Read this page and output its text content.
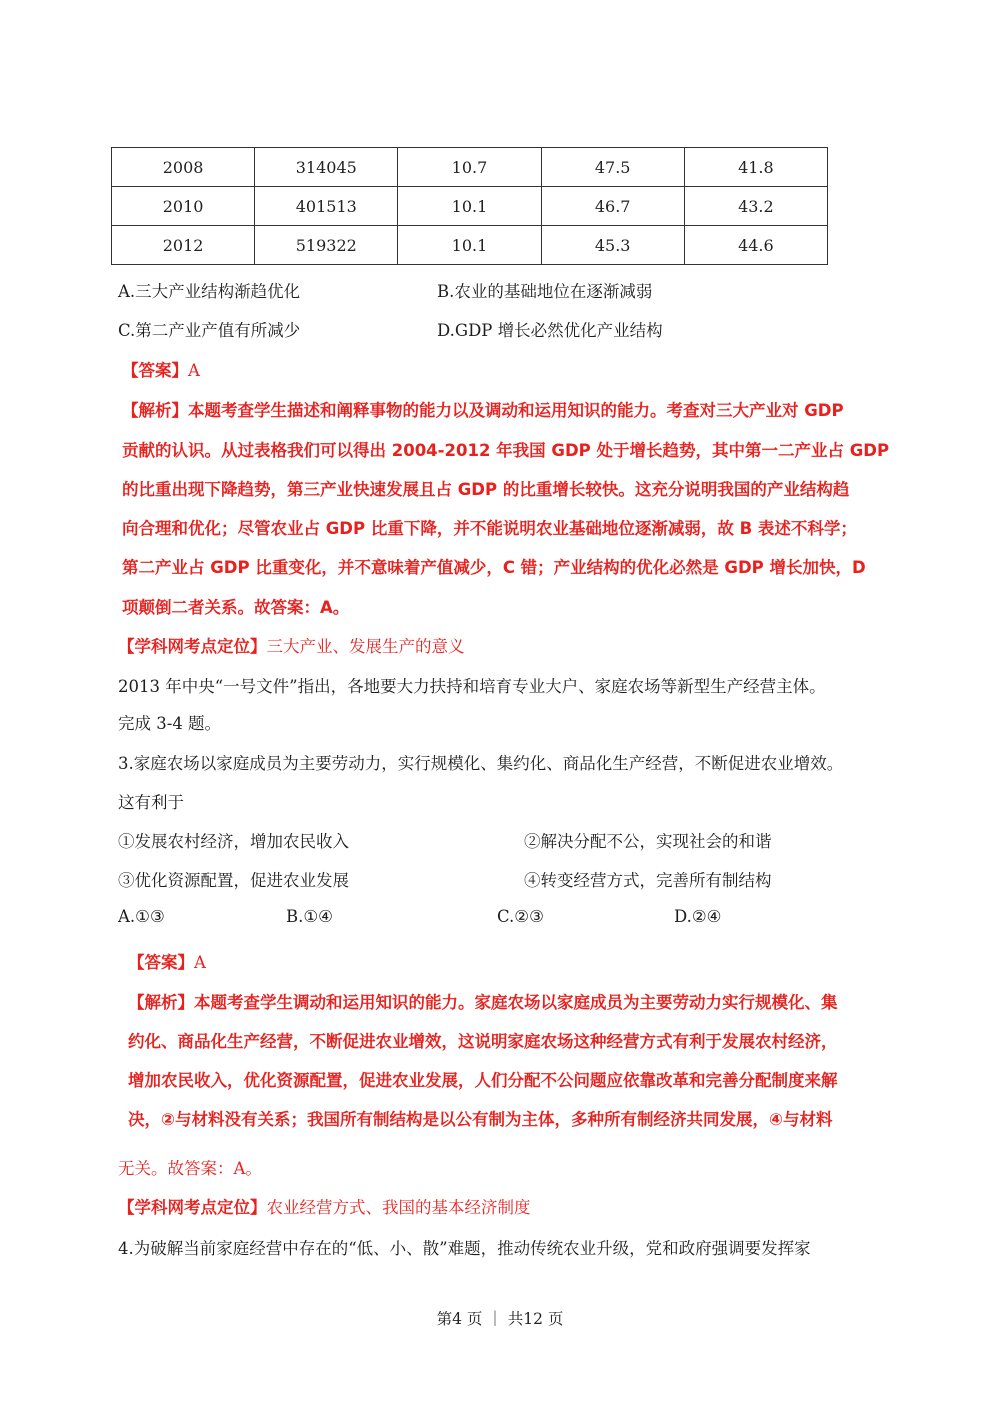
2008	314045	10.7	47.5	41.8
2010	401513	10.1	46.7	43.2
2012	519322	10.1	45.3	44.6
A.三大产业结构渐趋优化	B.农业的基础地位在逐渐减弱
C.第二产业产值有所减少	D.GDP 增长必然优化产业结构
【答案】A
【解析】本题考查学生描述和阐释事物的能力以及调动和运用知识的能力。考查对三大产业对 GDP
贡献的认识。从过表格我们可以得出 2004-2012 年我国 GDP 处于增长趋势，其中第一二产业占 GDP
的比重出现下降趋势，第三产业快速发展且占 GDP 的比重增长较快。这充分说明我国的产业结构趋
向合理和优化；尽管农业占 GDP 比重下降，并不能说明农业基础地位逐渐减弱，故 B 表述不科学；
第二产业占 GDP 比重变化，并不意味着产值减少，C 错；产业结构的优化必然是 GDP 增长加快，D
项颠倒二者关系。故答案：A。
【学科网考点定位】三大产业、发展生产的意义
2013 年中央“一号文件”指出，各地要大力扶持和培育专业大户、家庭农场等新型生产经营主体。
完成 3-4 题。
3.家庭农场以家庭成员为主要劳动力，实行规模化、集约化、商品化生产经营，不断促进农业增效。
这有利于
①发展农村经济，增加农民收入	②解决分配不公，实现社会的和谐
③优化资源配置，促进农业发展	④转变经营方式，完善所有制结构
A.①③	B.①④	C.②③	D.②④
【答案】A
【解析】本题考查学生调动和运用知识的能力。家庭农场以家庭成员为主要劳动力实行规模化、集
约化、商品化生产经营，不断促进农业增效，这说明家庭农场这种经营方式有利于发展农村经济，
增加农民收入，优化资源配置，促进农业发展，人们分配不公问题应依靠改革和完善分配制度来解
决，②与材料没有关系；我国所有制结构是以公有制为主体，多种所有制经济共同发展，④与材料
无关。故答案：A。
【学科网考点定位】农业经营方式、我国的基本经济制度
4.为破解当前家庭经营中存在的“低、小、散”难题，推动传统农业升级，党和政府强调要发挥家
第4 页 ｜ 共12 页
